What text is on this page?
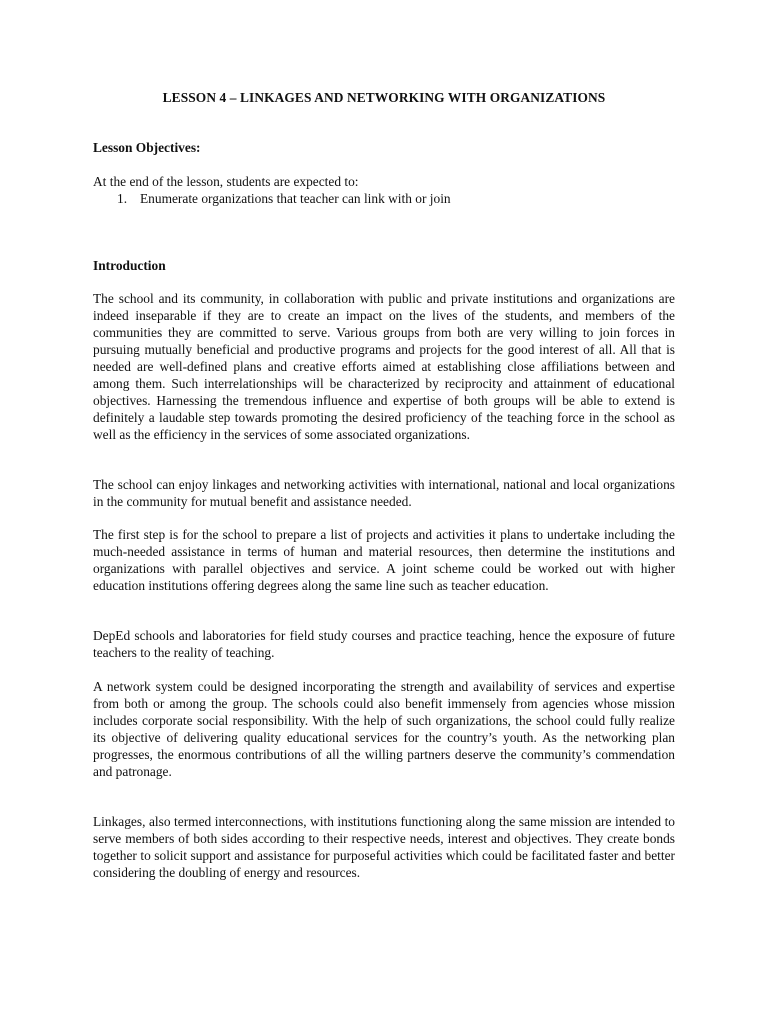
LESSON 4 – LINKAGES AND NETWORKING WITH ORGANIZATIONS
Lesson Objectives:
At the end of the lesson, students are expected to:
1. Enumerate organizations that teacher can link with or join
Introduction

The school and its community, in collaboration with public and private institutions and organizations are indeed inseparable if they are to create an impact on the lives of the students, and members of the communities they are committed to serve. Various groups from both are very willing to join forces in pursuing mutually beneficial and productive programs and projects for the good interest of all. All that is needed are well-defined plans and creative efforts aimed at establishing close affiliations between and among them. Such interrelationships will be characterized by reciprocity and attainment of educational objectives. Harnessing the tremendous influence and expertise of both groups will be able to extend is definitely a laudable step towards promoting the desired proficiency of the teaching force in the school as well as the efficiency in the services of some associated organizations.

The school can enjoy linkages and networking activities with international, national and local organizations in the community for mutual benefit and assistance needed.

The first step is for the school to prepare a list of projects and activities it plans to undertake including the much-needed assistance in terms of human and material resources, then determine the institutions and organizations with parallel objectives and service. A joint scheme could be worked out with higher education institutions offering degrees along the same line such as teacher education.

DepEd schools and laboratories for field study courses and practice teaching, hence the exposure of future teachers to the reality of teaching.

A network system could be designed incorporating the strength and availability of services and expertise from both or among the group. The schools could also benefit immensely from agencies whose mission includes corporate social responsibility. With the help of such organizations, the school could fully realize its objective of delivering quality educational services for the country’s youth. As the networking plan progresses, the enormous contributions of all the willing partners deserve the community’s commendation and patronage.

Linkages, also termed interconnections, with institutions functioning along the same mission are intended to serve members of both sides according to their respective needs, interest and objectives. They create bonds together to solicit support and assistance for purposeful activities which could be facilitated faster and better considering the doubling of energy and resources.
